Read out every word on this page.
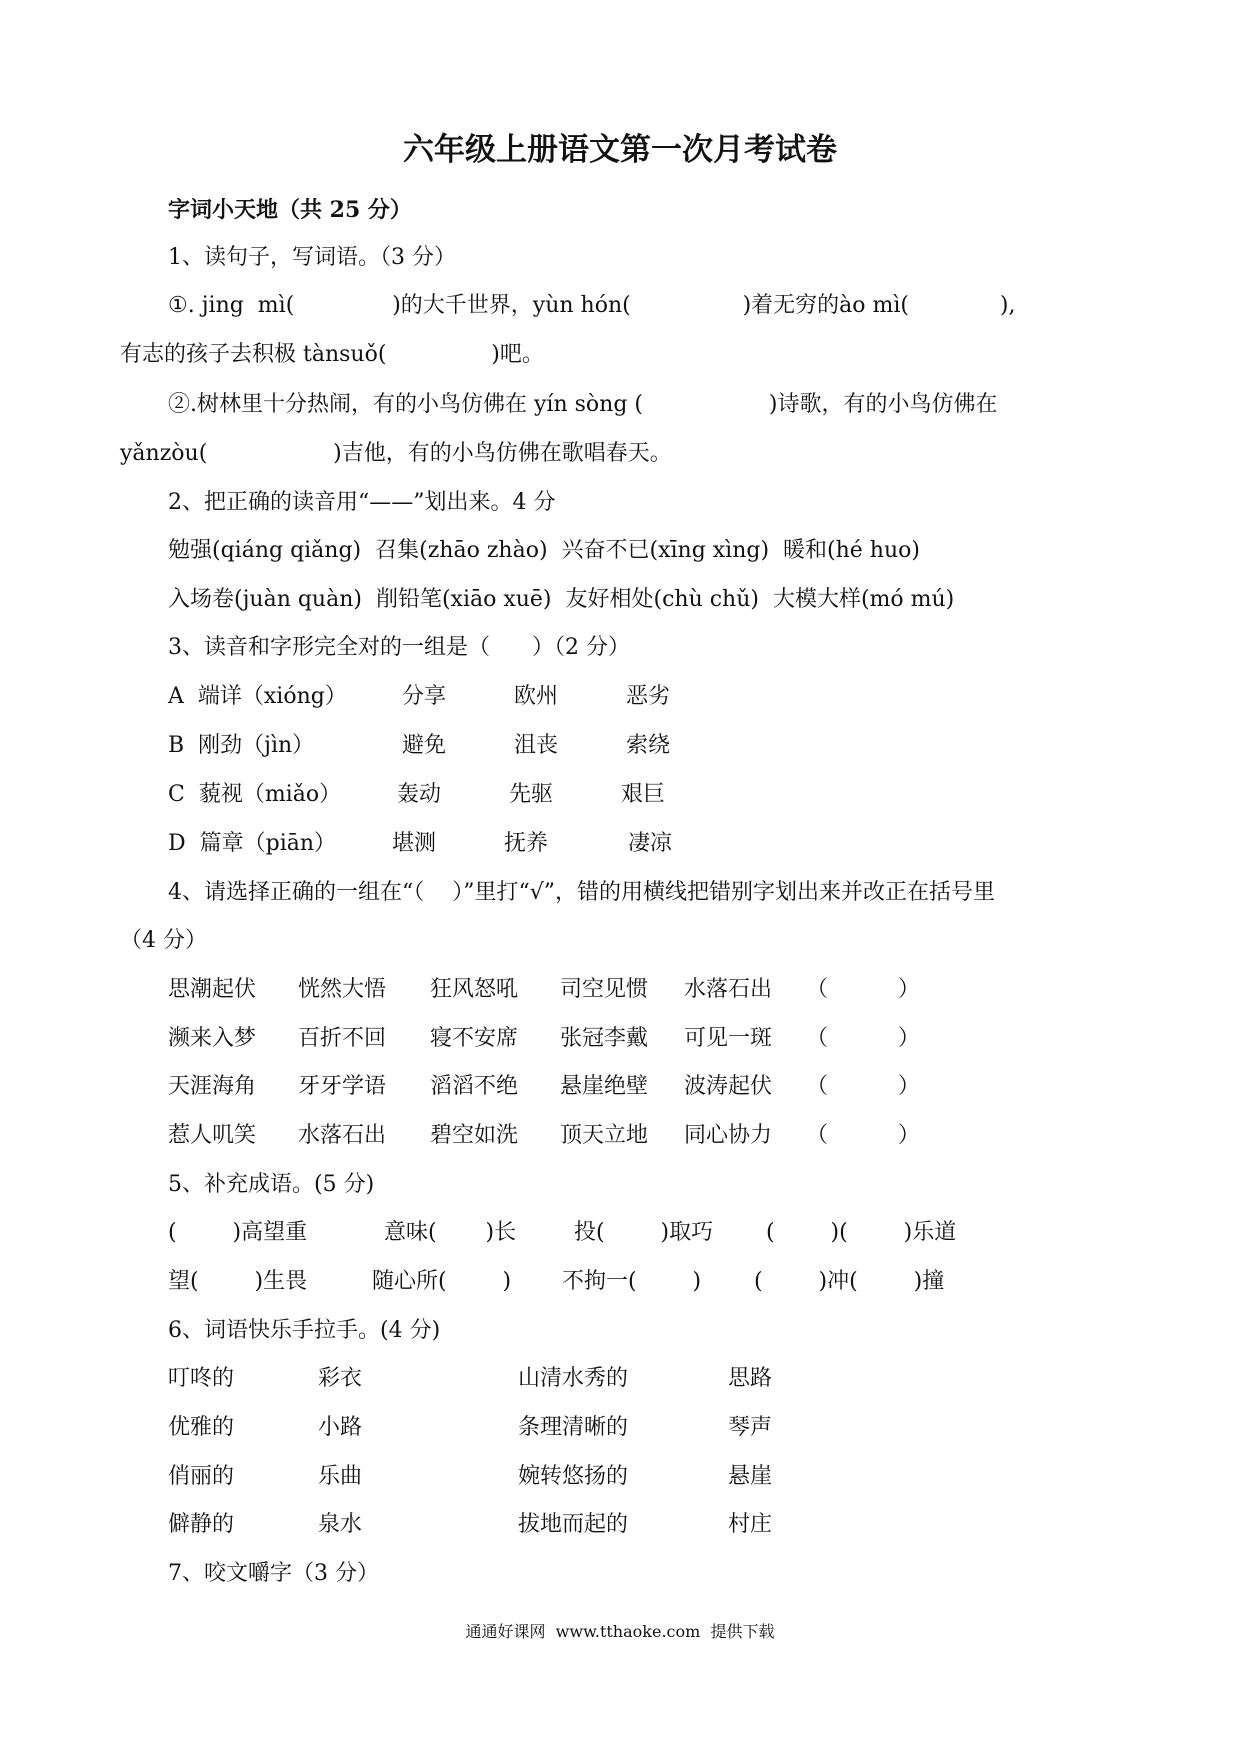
六年级上册语文第一次月考试卷
字词小天地（共 25 分）
1、读句子，写词语。（3 分）
①. jing  mì(              )的大千世界，yùn hón(                )着无穷的ào mì(             ),
有志的孩子去积极 tànsuǒ(               )吧。
②.树林里十分热闹，有的小鸟仿佛在 yín sòng (                  )诗歌，有的小鸟仿佛在
yǎnzòu(                  )吉他，有的小鸟仿佛在歌唱春天。
2、把正确的读音用“——”划出来。4 分
勉强(qiáng qiǎng)  召集(zhāo zhào)  兴奋不已(xīng xìng)  暖和(hé huo)
入场卷(juàn quàn)  削铅笔(xiāo xuē)  友好相处(chù chǔ)  大模大样(mó mú)
3、读音和字形完全对的一组是（      ）（2 分）
A  端详（xióng）	分享	欧州	恶劣
B  刚劲（jìn）	避免	沮丧	索绕
C  藐视（miǎo）	轰动	先驱	艰巨
D  篇章（piān）	堪测	抚养	凄凉
4、请选择正确的一组在“（    ）”里打“√”，错的用横线把错别字划出来并改正在括号里
（4 分）
思潮起伏 恍然大悟 狂风怒吼 司空见惯 水落石出 （          ）
濒来入梦 百折不回 寝不安席 张冠李戴 可见一斑 （          ）
天涯海角 牙牙学语 滔滔不绝 悬崖绝壁 波涛起伏 （          ）
惹人叽笑 水落石出 碧空如洗 顶天立地 同心协力 （          ）
5、补充成语。(5 分)
(        )高望重	意味(       )长	投(        )取巧 (        )(        )乐道
望(        )生畏	随心所(        ) 不拘一(        ) (        )冲(        )撞
6、词语快乐手拉手。(4 分)
叮咚的	彩衣	山清水秀的	思路
优雅的	小路	条理清晰的	琴声
俏丽的	乐曲	婉转悠扬的	悬崖
僻静的	泉水	拔地而起的	村庄
7、咬文嚼字（3 分）
通通好课网  www.tthaoke.com  提供下载
